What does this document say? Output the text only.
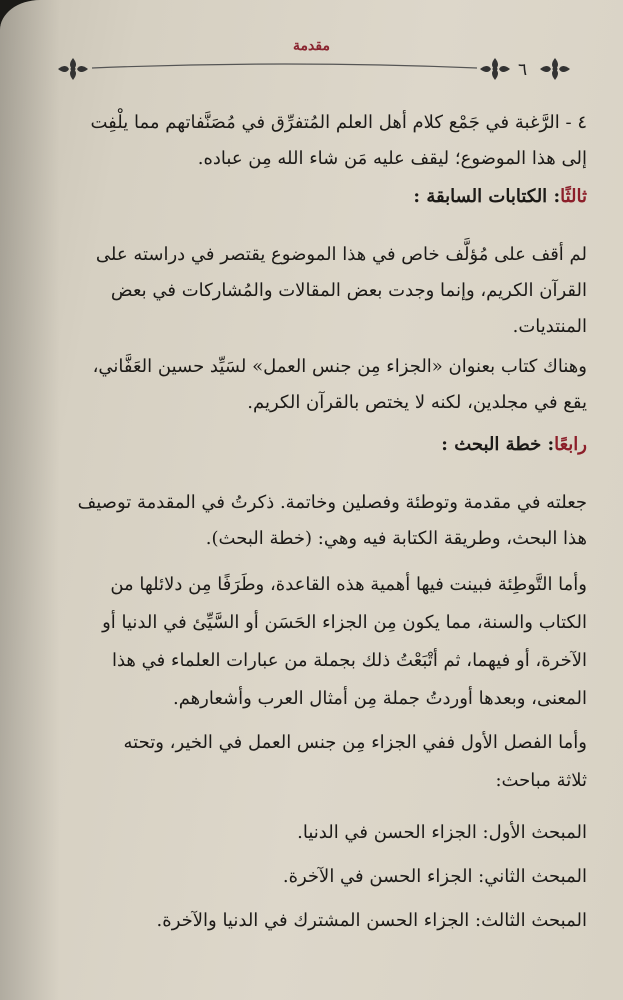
مقدمة
٦
٤ - الرَّغبة في جَمْع كلام أهل العلم المُتفرِّق في مُصَنَّفاتهم مما يلْفِت
إلى هذا الموضوع؛ ليقف عليه مَن شاء الله مِن عباده.
ثالثًا: الكتابات السابقة :
لم أقف على مُؤلَّف خاص في هذا الموضوع يقتصر في دراسته على
القرآن الكريم، وإنما وجدت بعض المقالات والمُشاركات في بعض
المنتديات.
وهناك كتاب بعنوان «الجزاء مِن جنس العمل» لسَيِّد حسين العَفَّاني،
يقع في مجلدين، لكنه لا يختص بالقرآن الكريم.
رابعًا: خطة البحث :
جعلته في مقدمة وتوطئة وفصلين وخاتمة. ذكرتُ في المقدمة توصيف
هذا البحث، وطريقة الكتابة فيه وهي: (خطة البحث).
وأما التَّوطِئة فبينت فيها أهمية هذه القاعدة، وطَرَفًا مِن دلائلها من
الكتاب والسنة، مما يكون مِن الجزاء الحَسَن أو السَّيِّئ في الدنيا أو
الآخرة، أو فيهما، ثم أتْبَعْتُ ذلك بجملة من عبارات العلماء في هذا
المعنى، وبعدها أوردتُ جملة مِن أمثال العرب وأشعارهم.
وأما الفصل الأول ففي الجزاء مِن جنس العمل في الخير، وتحته
ثلاثة مباحث:
المبحث الأول: الجزاء الحسن في الدنيا.
المبحث الثاني: الجزاء الحسن في الآخرة.
المبحث الثالث: الجزاء الحسن المشترك في الدنيا والآخرة.
